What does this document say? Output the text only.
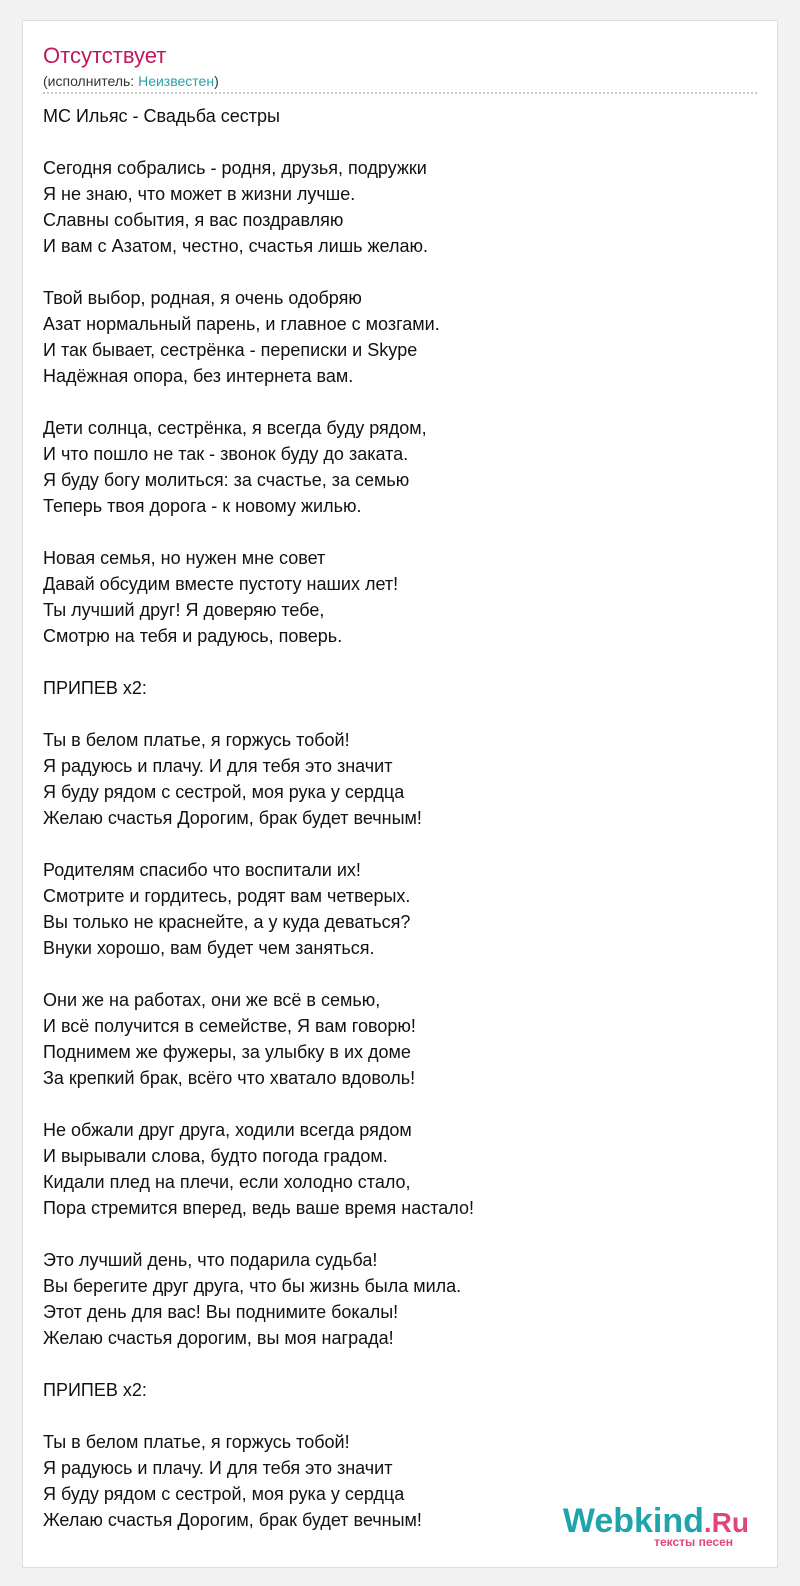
Отсутствует
(исполнитель: Неизвестен)
МС Ильяс - Свадьба сестры
Сегодня собрались - родня, друзья, подружки
Я не знаю, что может в жизни лучше.
Славны события, я вас поздравляю
И вам с Азатом, честно, счастья лишь желаю.
Твой выбор, родная, я очень одобряю
Азат нормальный парень, и главное с мозгами.
И так бывает, сестрёнка - переписки и Skype
Надёжная опора, без интернета вам.
Дети солнца, сестрёнка, я всегда буду рядом,
И что пошло не так - звонок буду до заката.
Я буду богу молиться: за счастье, за семью
Теперь твоя дорога - к новому жилью.
Новая семья, но нужен мне совет
Давай обсудим вместе пустоту наших лет!
Ты лучший друг! Я доверяю тебе,
Смотрю на тебя и радуюсь, поверь.
ПРИПЕВ х2:
Ты в белом платье, я горжусь тобой!
Я радуюсь и плачу. И для тебя это значит
Я буду рядом с сестрой, моя рука у сердца
Желаю счастья Дорогим, брак будет вечным!
Родителям спасибо что воспитали их!
Смотрите и гордитесь, родят вам четверых.
Вы только не краснейте, а у куда деваться?
Внуки хорошо, вам будет чем заняться.
Они же на работах, они же всё в семью,
И всё получится в семействе, Я вам говорю!
Поднимем же фужеры, за улыбку в их доме
За крепкий брак, всёго что хватало вдоволь!
Не обжали друг друга, ходили всегда рядом
И вырывали слова, будто погода градом.
Кидали плед на плечи, если холодно стало,
Пора стремится вперед, ведь ваше время настало!
Это лучший день, что подарила судьба!
Вы берегите друг друга, что бы жизнь была мила.
Этот день для вас! Вы поднимите бокалы!
Желаю счастья дорогим, вы моя награда!
ПРИПЕВ х2:
Ты в белом платье, я горжусь тобой!
Я радуюсь и плачу. И для тебя это значит
Я буду рядом с сестрой, моя рука у сердца
Желаю счастья Дорогим, брак будет вечным!	Webkind.Ru
тексты песен
